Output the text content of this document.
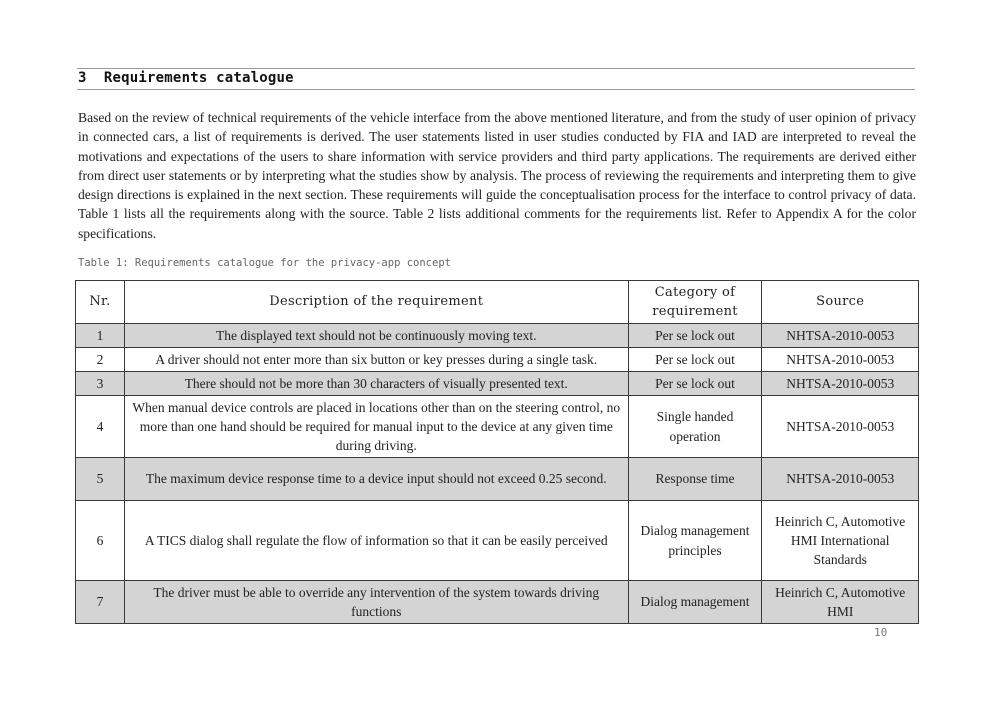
3 Requirements catalogue
Based on the review of technical requirements of the vehicle interface from the above mentioned literature, and from the study of user opinion of privacy in connected cars, a list of requirements is derived. The user statements listed in user studies conducted by FIA and IAD are interpreted to reveal the motivations and expectations of the users to share information with service providers and third party applications. The requirements are derived either from direct user statements or by interpreting what the studies show by analysis. The process of reviewing the requirements and interpreting them to give design directions is explained in the next section. These requirements will guide the conceptualisation process for the interface to control privacy of data. Table 1 lists all the requirements along with the source. Table 2 lists additional comments for the requirements list. Refer to Appendix A for the color specifications.
Table 1: Requirements catalogue for the privacy-app concept
Nr.	Description of the requirement	Category of requirement	Source
1	The displayed text should not be continuously moving text.	Per se lock out	NHTSA-2010-0053
2	A driver should not enter more than six button or key presses during a single task.	Per se lock out	NHTSA-2010-0053
3	There should not be more than 30 characters of visually presented text.	Per se lock out	NHTSA-2010-0053
4	When manual device controls are placed in locations other than on the steering control, no more than one hand should be required for manual input to the device at any given time during driving.	Single handed operation	NHTSA-2010-0053
5	The maximum device response time to a device input should not exceed 0.25 second.	Response time	NHTSA-2010-0053
6	A TICS dialog shall regulate the flow of information so that it can be easily perceived	Dialog management principles	Heinrich C, Automotive HMI International Standards
7	The driver must be able to override any intervention of the system towards driving functions	Dialog management	Heinrich C, Automotive HMI
10
